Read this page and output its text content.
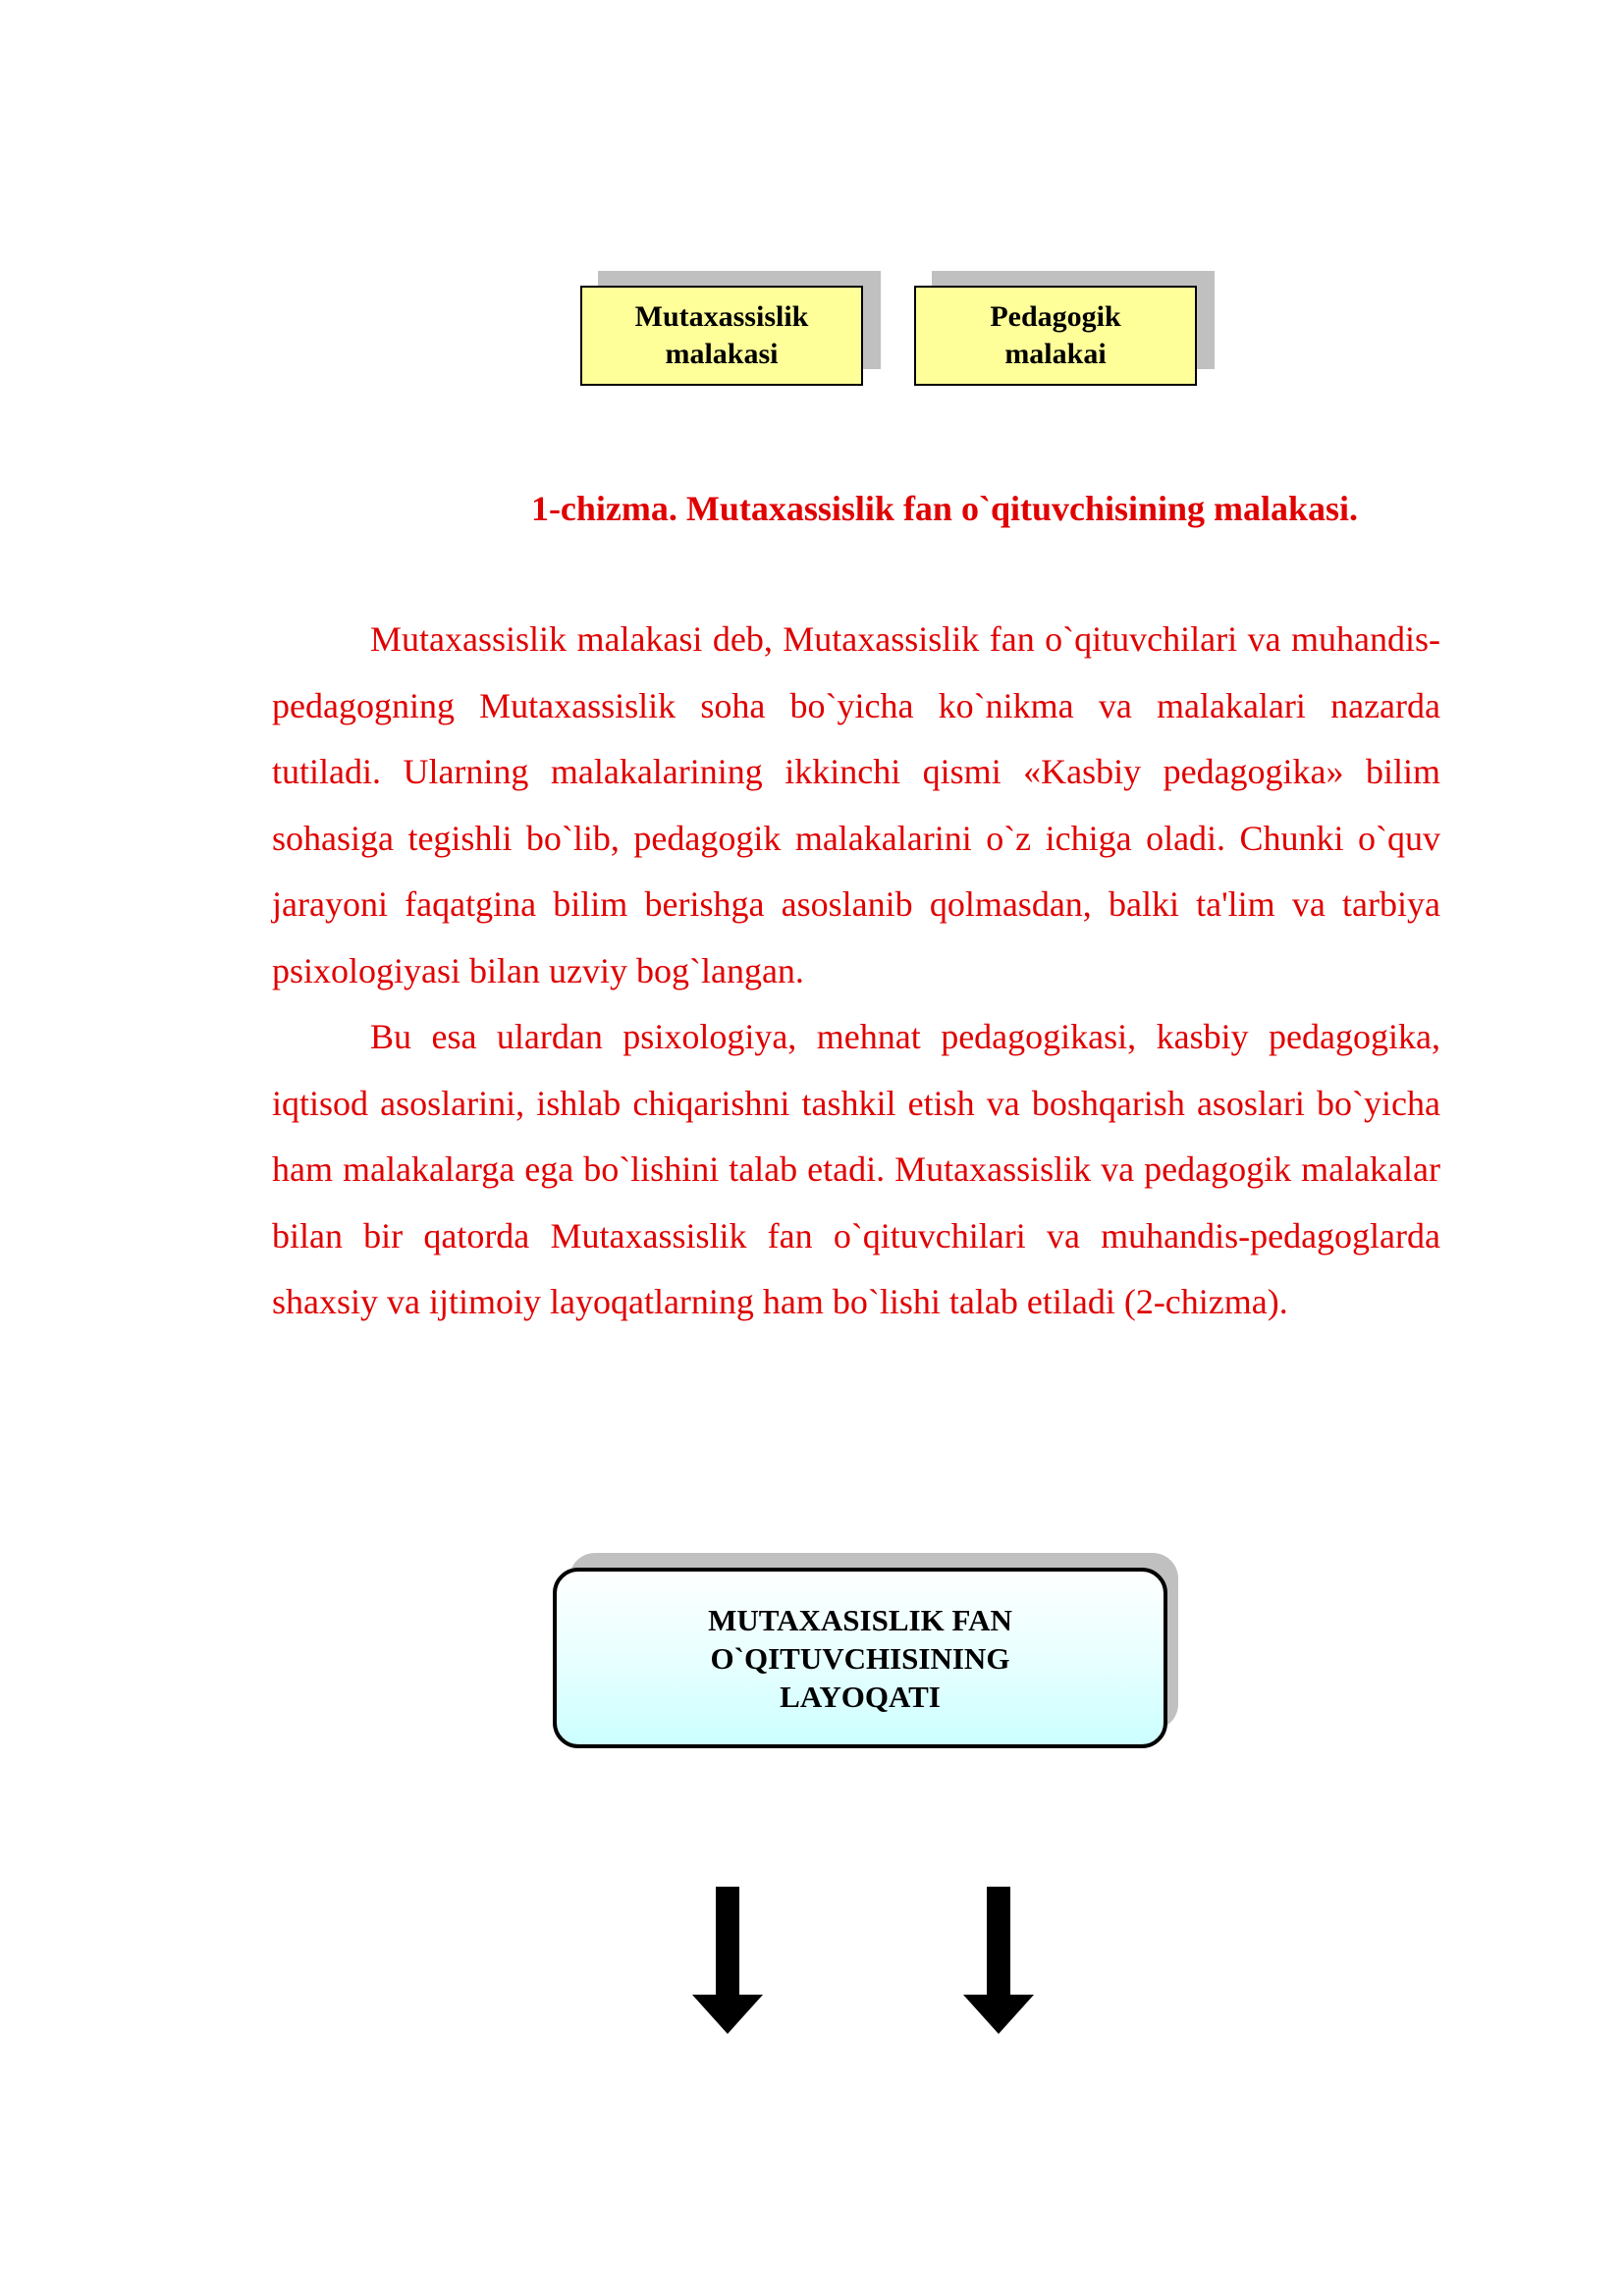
Mutaxassislik
malakasi
Pedagogik
malakai
1-chizma. Mutaxassislik fan o`qituvchisining malakasi.

Mutaxassislik malakasi deb, Mutaxassislik fan o`qituvchilari va muhandis-pedagogning Mutaxassislik soha bo`yicha ko`nikma va malakalari nazarda tutiladi. Ularning malakalarining ikkinchi qismi «Kasbiy pedagogika» bilim sohasiga tegishli bo`lib, pedagogik malakalarini o`z ichiga oladi. Chunki o`quv jarayoni faqatgina bilim berishga asoslanib qolmasdan, balki ta'lim va tarbiya psixologiyasi bilan uzviy bog`langan.

Bu esa ulardan psixologiya, mehnat pedagogikasi, kasbiy pedagogika, iqtisod asoslarini, ishlab chiqarishni tashkil etish va boshqarish asoslari bo`yicha ham malakalarga ega bo`lishini talab etadi. Mutaxassislik va pedagogik malakalar bilan bir qatorda Mutaxassislik fan o`qituvchilari va muhandis-pedagoglarda shaxsiy va ijtimoiy layoqatlarning ham bo`lishi talab etiladi (2-chizma).

MUTAXASISLIK FAN
O`QITUVCHISINING
LAYOQATI
